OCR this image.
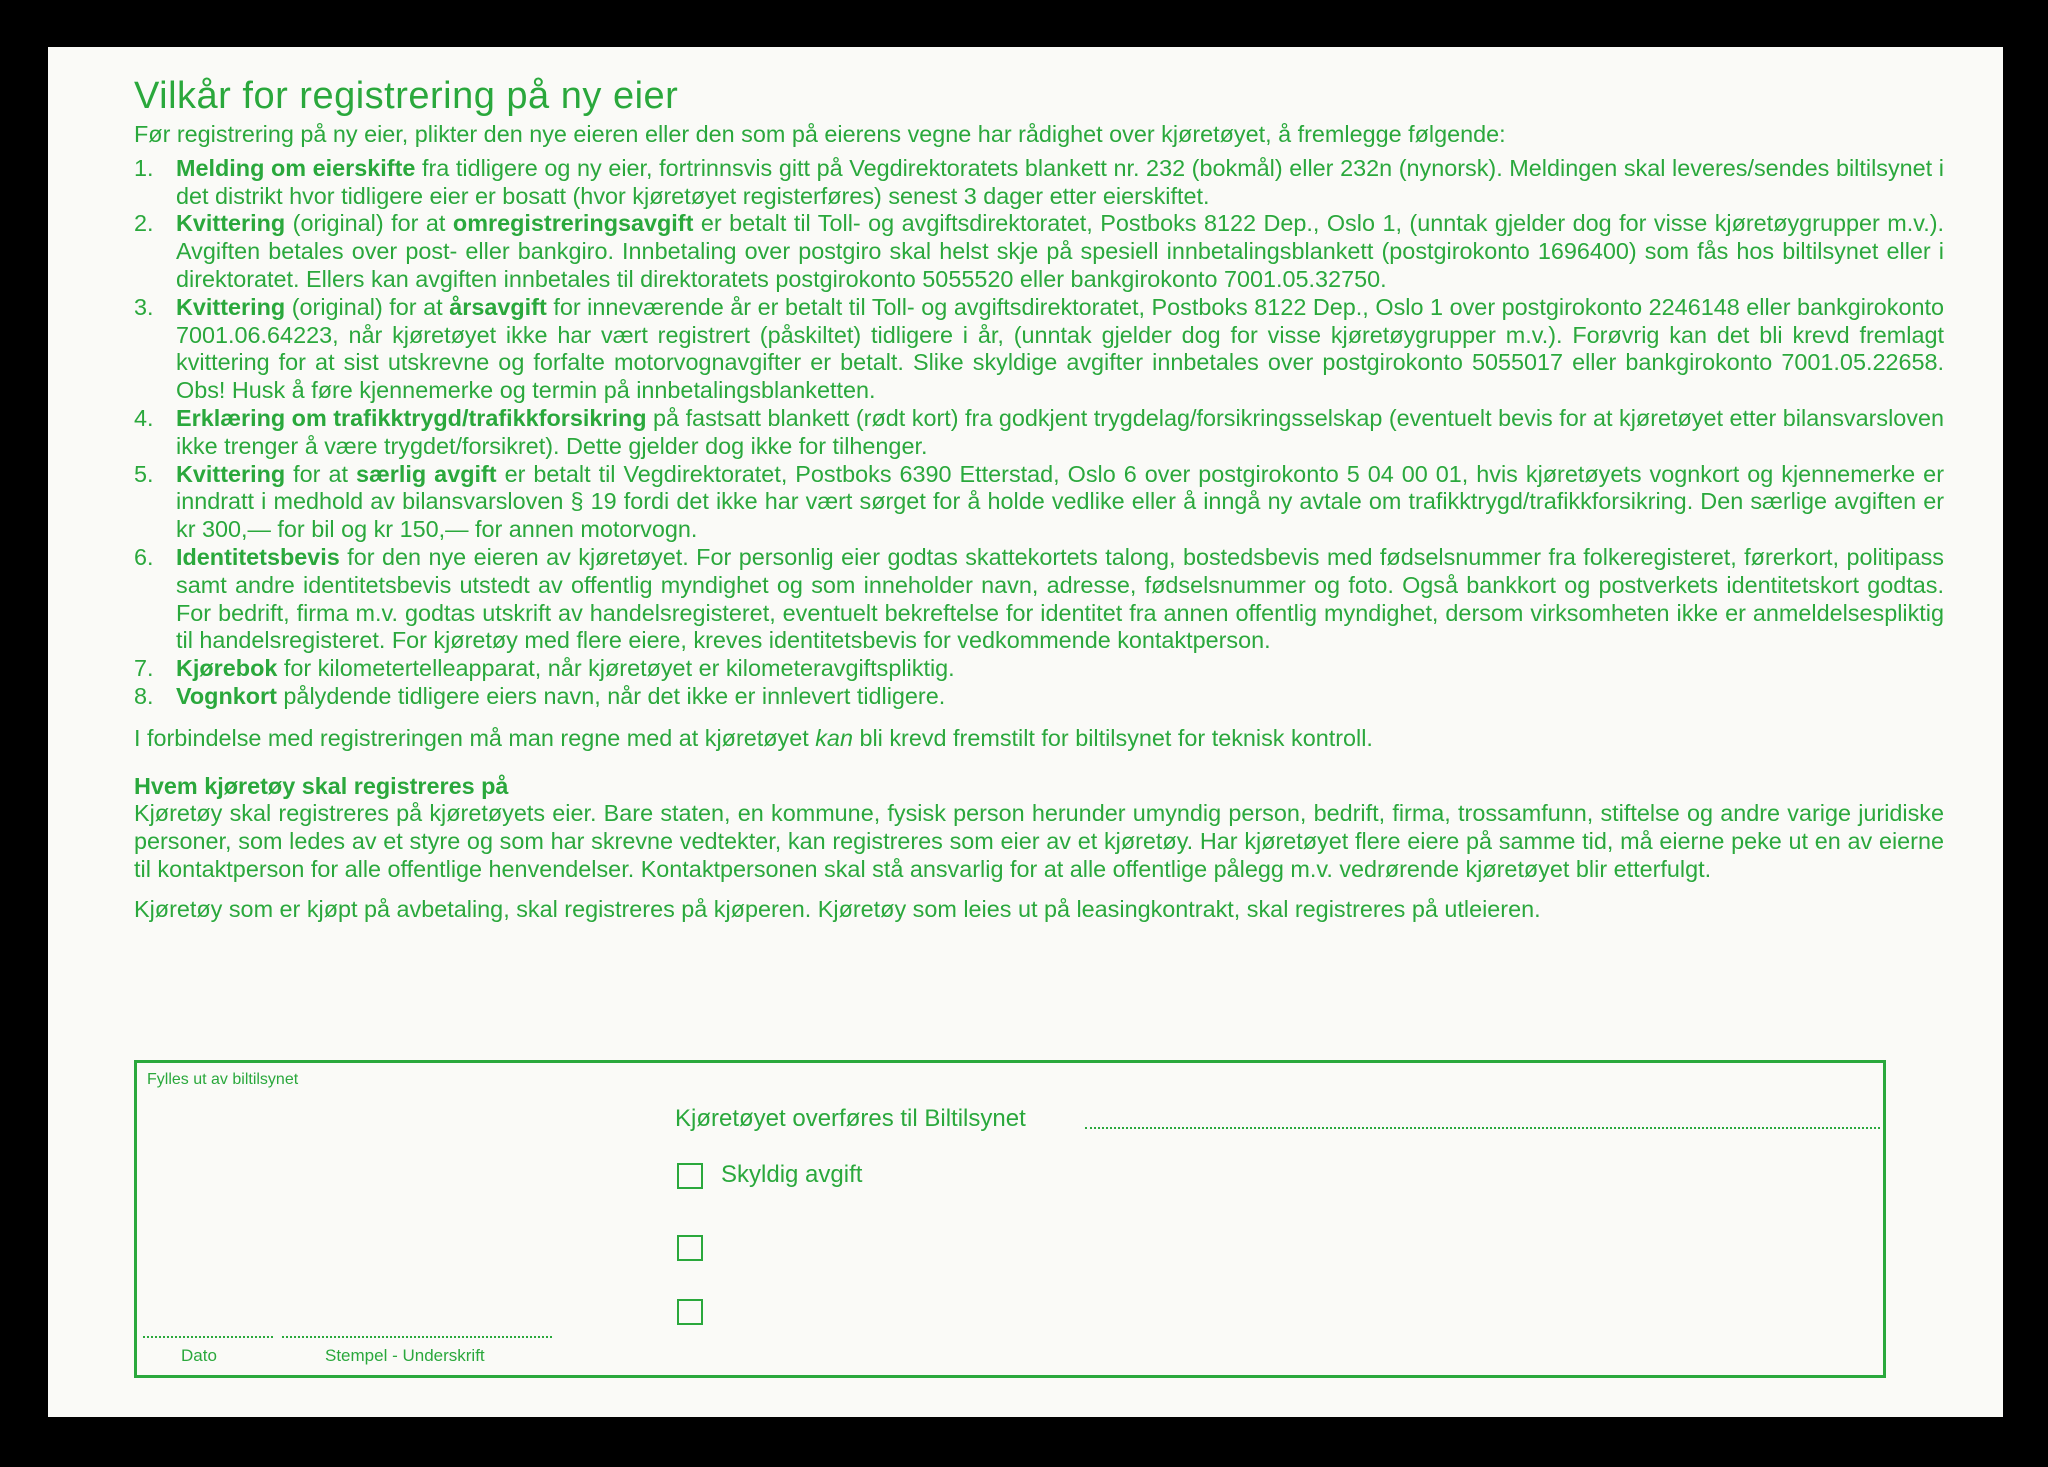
Vilkår for registrering på ny eier
Før registrering på ny eier, plikter den nye eieren eller den som på eierens vegne har rådighet over kjøretøyet, å fremlegge følgende:
1. Melding om eierskifte fra tidligere og ny eier, fortrinnsvis gitt på Vegdirektoratets blankett nr. 232 (bokmål) eller 232n (nynorsk). Meldingen skal leveres/sendes biltilsynet i det distrikt hvor tidligere eier er bosatt (hvor kjøretøyet registerføres) senest 3 dager etter eierskiftet.
2. Kvittering (original) for at omregistreringsavgift er betalt til Toll- og avgiftsdirektoratet, Postboks 8122 Dep., Oslo 1, (unntak gjelder dog for visse kjøretøygrupper m.v.). Avgiften betales over post- eller bankgiro. Innbetaling over postgiro skal helst skje på spesiell innbetalingsblankett (postgirokonto 1696400) som fås hos biltilsynet eller i direktoratet. Ellers kan avgiften innbetales til direktoratets postgirokonto 5055520 eller bankgirokonto 7001.05.32750.
3. Kvittering (original) for at årsavgift for inneværende år er betalt til Toll- og avgiftsdirektoratet, Postboks 8122 Dep., Oslo 1 over postgirokonto 2246148 eller bankgirokonto 7001.06.64223, når kjøretøyet ikke har vært registrert (påskiltet) tidligere i år, (unntak gjelder dog for visse kjøretøygrupper m.v.). Forøvrig kan det bli krevd fremlagt kvittering for at sist utskrevne og forfalte motorvognavgifter er betalt. Slike skyldige avgifter innbetales over postgirokonto 5055017 eller bankgirokonto 7001.05.22658. Obs! Husk å føre kjennemerke og termin på innbetalingsblanketten.
4. Erklæring om trafikktrygd/trafikkforsikring på fastsatt blankett (rødt kort) fra godkjent trygdelag/forsikringsselskap (eventuelt bevis for at kjøretøyet etter bilansvarsloven ikke trenger å være trygdet/forsikret). Dette gjelder dog ikke for tilhenger.
5. Kvittering for at særlig avgift er betalt til Vegdirektoratet, Postboks 6390 Etterstad, Oslo 6 over postgirokonto 5 04 00 01, hvis kjøretøyets vognkort og kjennemerke er inndratt i medhold av bilansvarsloven § 19 fordi det ikke har vært sørget for å holde vedlike eller å inngå ny avtale om trafikktrygd/trafikkforsikring. Den særlige avgiften er kr 300,— for bil og kr 150,— for annen motorvogn.
6. Identitetsbevis for den nye eieren av kjøretøyet. For personlig eier godtas skattekortets talong, bostedsbevis med fødselsnummer fra folkeregisteret, førerkort, politipass samt andre identitetsbevis utstedt av offentlig myndighet og som inneholder navn, adresse, fødselsnummer og foto. Også bankkort og postverkets identitetskort godtas. For bedrift, firma m.v. godtas utskrift av handelsregisteret, eventuelt bekreftelse for identitet fra annen offentlig myndighet, dersom virksomheten ikke er anmeldelsespliktig til handelsregisteret. For kjøretøy med flere eiere, kreves identitetsbevis for vedkommende kontaktperson.
7. Kjørebok for kilometertelleapparat, når kjøretøyet er kilometeravgiftspliktig.
8. Vognkort pålydende tidligere eiers navn, når det ikke er innlevert tidligere.

I forbindelse med registreringen må man regne med at kjøretøyet kan bli krevd fremstilt for biltilsynet for teknisk kontroll.

Hvem kjøretøy skal registreres på

Kjøretøy skal registreres på kjøretøyets eier. Bare staten, en kommune, fysisk person herunder umyndig person, bedrift, firma, trossamfunn, stiftelse og andre varige juridiske personer, som ledes av et styre og som har skrevne vedtekter, kan registreres som eier av et kjøretøy. Har kjøretøyet flere eiere på samme tid, må eierne peke ut en av eierne til kontaktperson for alle offentlige henvendelser. Kontaktpersonen skal stå ansvarlig for at alle offentlige pålegg m.v. vedrørende kjøretøyet blir etterfulgt.

Kjøretøy som er kjøpt på avbetaling, skal registreres på kjøperen. Kjøretøy som leies ut på leasingkontrakt, skal registreres på utleieren.

Fylles ut av biltilsynet
Kjøretøyet overføres til Biltilsynet
Skyldig avgift
Dato	Stempel - Underskrift
